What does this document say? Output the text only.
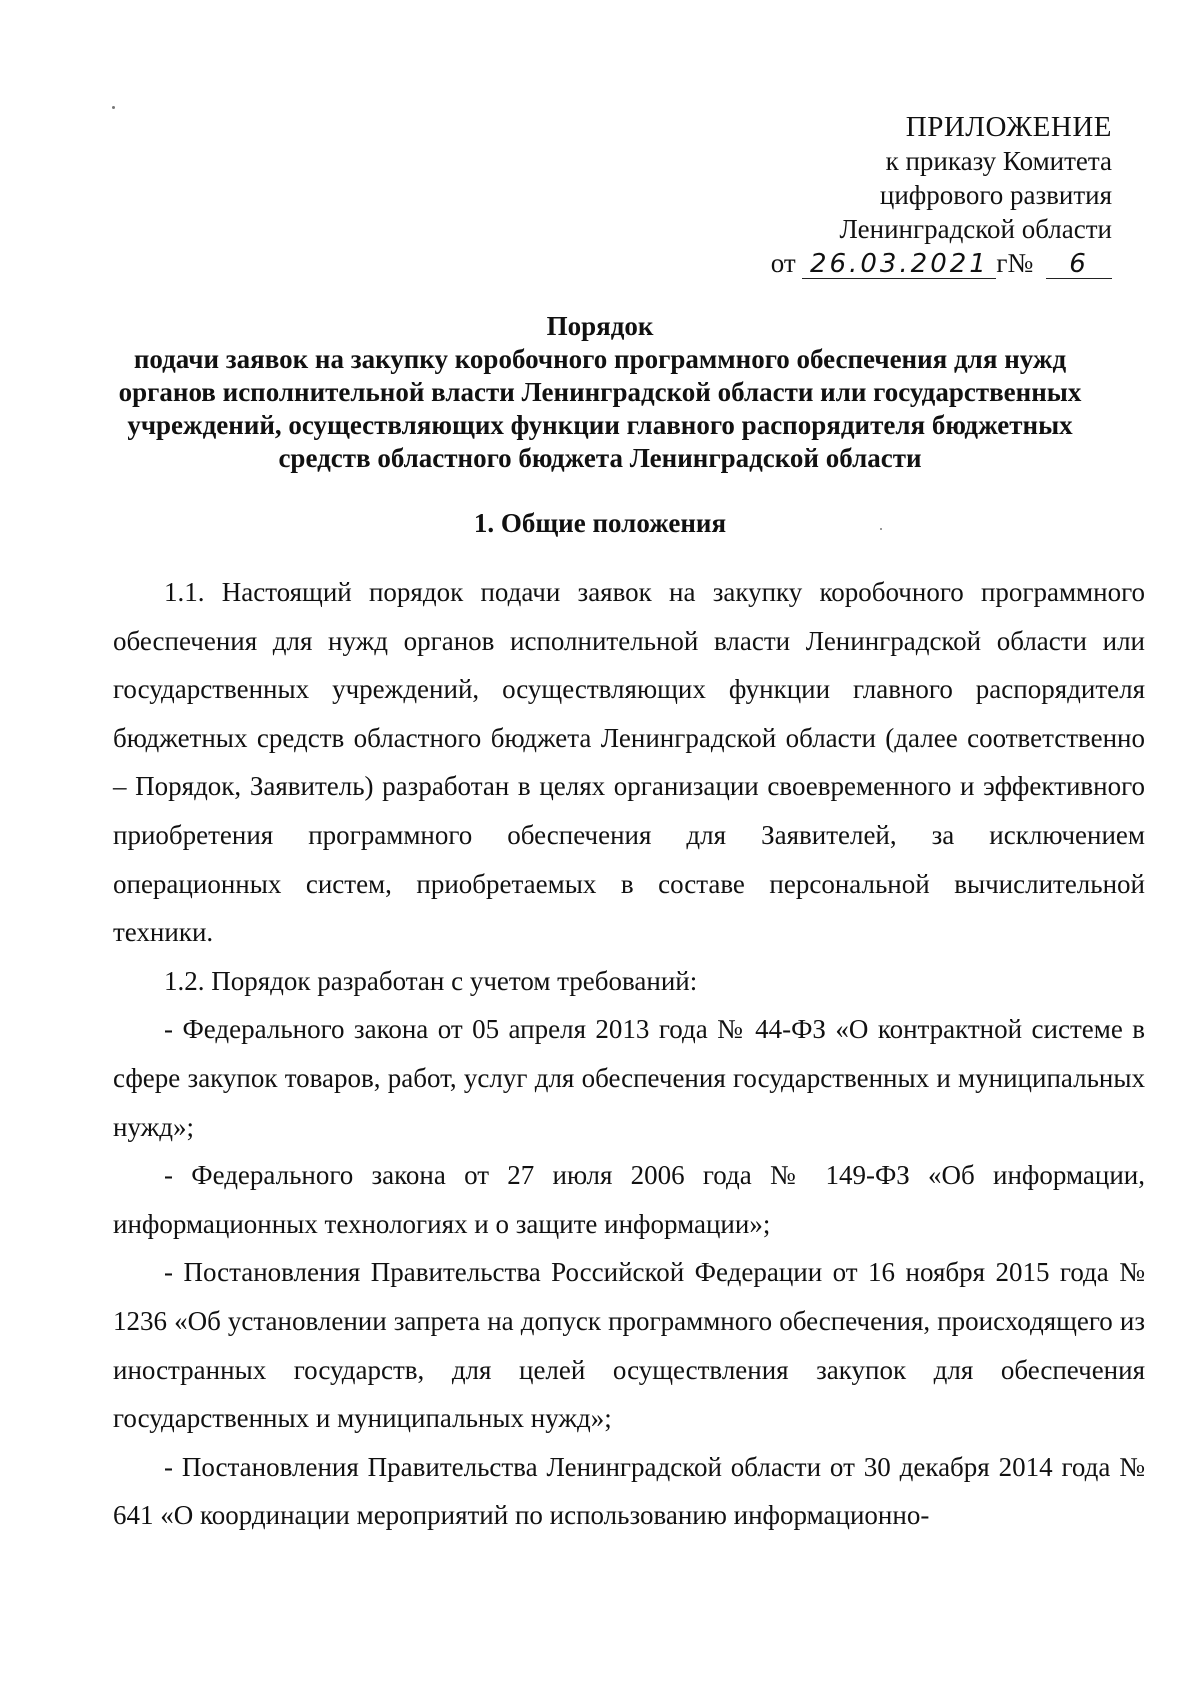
ПРИЛОЖЕНИЕ
к приказу Комитета
цифрового развития
Ленинградской области
от 26.03.2021 г№ 6
Порядок
подачи заявок на закупку коробочного программного обеспечения для нужд
органов исполнительной власти Ленинградской области или государственных
учреждений, осуществляющих функции главного распорядителя бюджетных
средств областного бюджета Ленинградской области
1. Общие положения

1.1. Настоящий порядок подачи заявок на закупку коробочного программного обеспечения для нужд органов исполнительной власти Ленинградской области или государственных учреждений, осуществляющих функции главного распорядителя бюджетных средств областного бюджета Ленинградской области (далее соответственно – Порядок, Заявитель) разработан в целях организации своевременного и эффективного приобретения программного обеспечения для Заявителей, за исключением операционных систем, приобретаемых в составе персональной вычислительной техники.

1.2. Порядок разработан с учетом требований:

- Федерального закона от 05 апреля 2013 года № 44-ФЗ «О контрактной системе в сфере закупок товаров, работ, услуг для обеспечения государственных и муниципальных нужд»;

- Федерального закона от 27 июля 2006 года № 149-ФЗ «Об информации, информационных технологиях и о защите информации»;

- Постановления Правительства Российской Федерации от 16 ноября 2015 года № 1236 «Об установлении запрета на допуск программного обеспечения, происходящего из иностранных государств, для целей осуществления закупок для обеспечения государственных и муниципальных нужд»;

- Постановления Правительства Ленинградской области от 30 декабря 2014 года № 641 «О координации мероприятий по использованию информационно-
